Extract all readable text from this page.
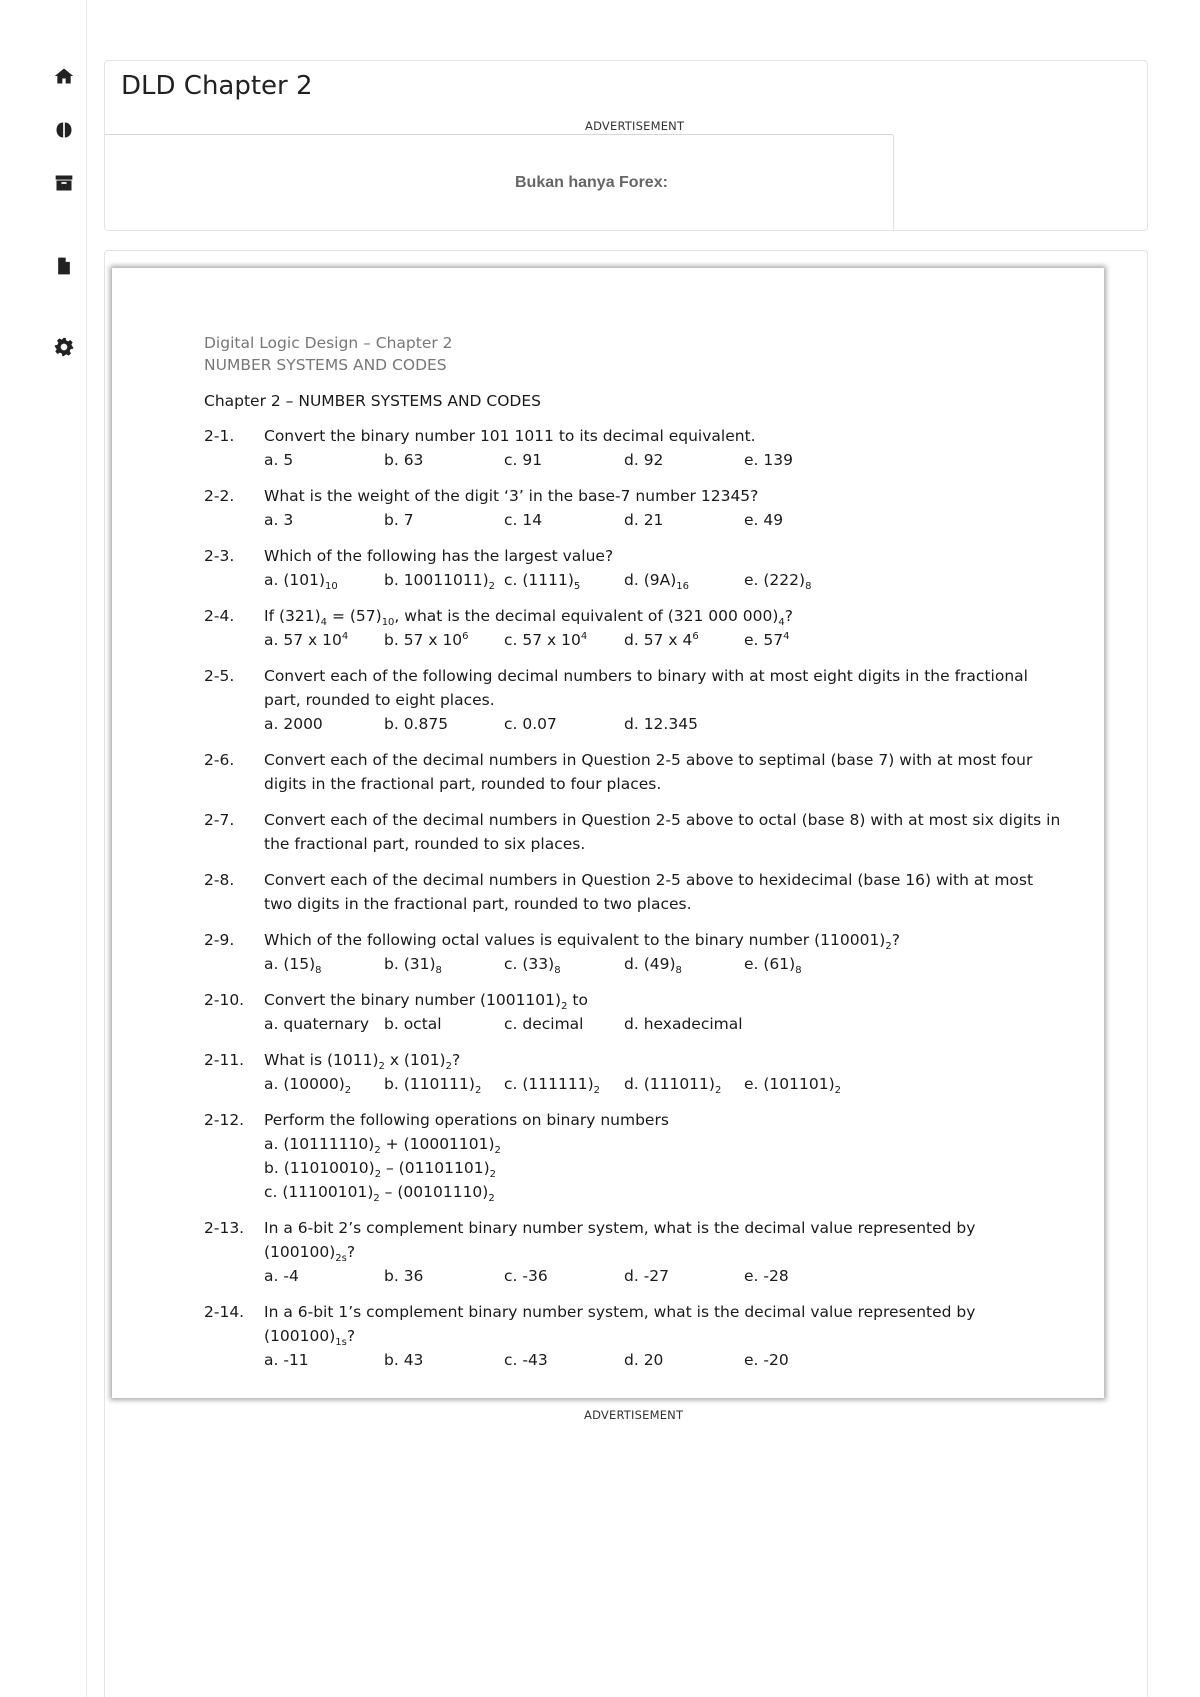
DLD Chapter 2
ADVERTISEMENT
Bukan hanya Forex:
Digital Logic Design – Chapter 2
NUMBER SYSTEMS AND CODES
Chapter 2 – NUMBER SYSTEMS AND CODES
2-1. Convert the binary number 101 1011 to its decimal equivalent.
a. 5	b. 63	c. 91	d. 92	e. 139
2-2. What is the weight of the digit ‘3’ in the base-7 number 12345?
a. 3	b. 7	c. 14	d. 21	e. 49
2-3. Which of the following has the largest value?
a. $(101)_{10}$	b. $10011011)_2$ c. $(1111)_5$	d. $(9A)_{16}$	e. $(222)_8$
2-4. If $(321)_4 = (57)_{10}$, what is the decimal equivalent of (321 000 $000)_4$?
a. 57 x $10^4$	b. 57 x $10^6$	c. 57 x $10^4$	d. 57 x $4^6$	e. $57^4$
2-5. Convert each of the following decimal numbers to binary with at most eight digits in the fractional part, rounded to eight places.
a. 2000	b. 0.875	c. 0.07	d. 12.345
2-6. Convert each of the decimal numbers in Question 2-5 above to septimal (base 7) with at most four digits in the fractional part, rounded to four places.
2-7. Convert each of the decimal numbers in Question 2-5 above to octal (base 8) with at most six digits in the fractional part, rounded to six places.
2-8. Convert each of the decimal numbers in Question 2-5 above to hexidecimal (base 16) with at most two digits in the fractional part, rounded to two places.
2-9. Which of the following octal values is equivalent to the binary number $(110001)_2$?
a. $(15)_8$	b. $(31)_8$	c. $(33)_8$	d. $(49)_8$	e. $(61)_8$
2-10. Convert the binary number $(1001101)_2$ to
a. quaternary b. octal	c. decimal	d. hexadecimal
2-11. What is $(1011)_2$ x $(101)_2$?
a. $(10000)_2$	b. $(110111)_2$	c. $(111111)_2$	d. $(111011)_2$	e. $(101101)_2$
2-12. Perform the following operations on binary numbers
a. $(10111110)_2 + (10001101)_2$
b. $(11010010)_2 - (01101101)_2$
c. $(11100101)_2 - (00101110)_2$
2-13. In a 6-bit 2’s complement binary number system, what is the decimal value represented by
$(100100)_{2s}$?
a. -4	b. 36	c. -36	d. -27	e. -28
2-14. In a 6-bit 1’s complement binary number system, what is the decimal value represented by
$(100100)_{1s}$?
a. -11	b. 43	c. -43	d. 20	e. -20
ADVERTISEMENT
